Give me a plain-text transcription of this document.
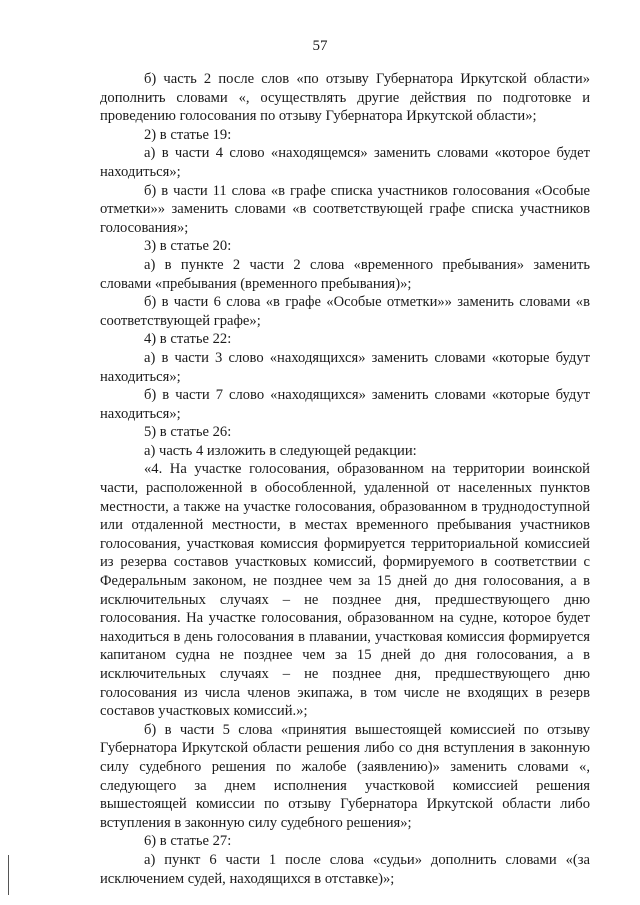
57

б) часть 2 после слов «по отзыву Губернатора Иркутской области» дополнить словами «, осуществлять другие действия по подготовке и проведению голосования по отзыву Губернатора Иркутской области»;

2) в статье 19:

а) в части 4 слово «находящемся» заменить словами «которое будет находиться»;

б) в части 11 слова «в графе списка участников голосования «Особые отметки»» заменить словами «в соответствующей графе списка участников голосования»;

3) в статье 20:

а) в пункте 2 части 2 слова «временного пребывания» заменить словами «пребывания (временного пребывания)»;

б) в части 6 слова «в графе «Особые отметки»» заменить словами «в соответствующей графе»;

4) в статье 22:

а) в части 3 слово «находящихся» заменить словами «которые будут находиться»;

б) в части 7 слово «находящихся» заменить словами «которые будут находиться»;

5) в статье 26:

а) часть 4 изложить в следующей редакции:

«4. На участке голосования, образованном на территории воинской части, расположенной в обособленной, удаленной от населенных пунктов местности, а также на участке голосования, образованном в труднодоступной или отдаленной местности, в местах временного пребывания участников голосования, участковая комиссия формируется территориальной комиссией из резерва составов участковых комиссий, формируемого в соответствии с Федеральным законом, не позднее чем за 15 дней до дня голосования, а в исключительных случаях – не позднее дня, предшествующего дню голосования. На участке голосования, образованном на судне, которое будет находиться в день голосования в плавании, участковая комиссия формируется капитаном судна не позднее чем за 15 дней до дня голосования, а в исключительных случаях – не позднее дня, предшествующего дню голосования из числа членов экипажа, в том числе не входящих в резерв составов участковых комиссий.»;

б) в части 5 слова «принятия вышестоящей комиссией по отзыву Губернатора Иркутской области решения либо со дня вступления в законную силу судебного решения по жалобе (заявлению)» заменить словами «, следующего за днем исполнения участковой комиссией решения вышестоящей комиссии по отзыву Губернатора Иркутской области либо вступления в законную силу судебного решения»;

6) в статье 27:

а) пункт 6 части 1 после слова «судьи» дополнить словами «(за исключением судей, находящихся в отставке)»;
